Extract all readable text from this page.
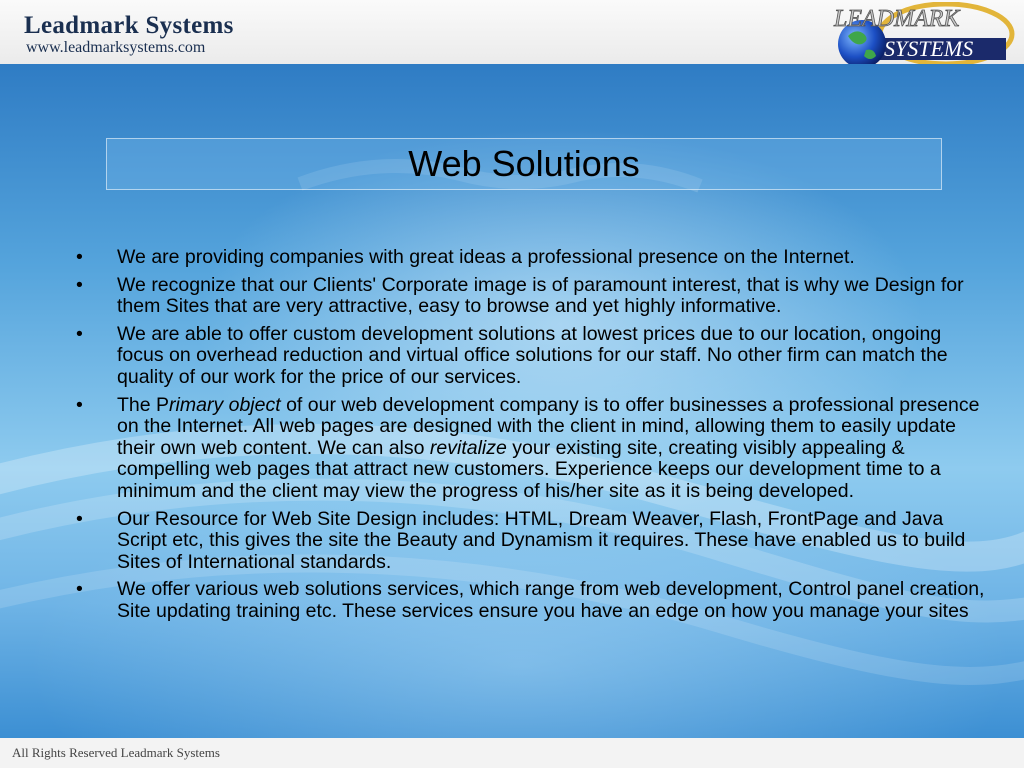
Leadmark Systems
www.leadmarksystems.com
LEADMARK
SYSTEMS
Web Solutions
•	We are providing companies with great ideas a professional presence on the Internet.
•	We recognize that our Clients' Corporate image is of paramount interest, that is why we Design for them Sites that are very attractive, easy to browse and yet highly informative.
•	We are able to offer custom development solutions at lowest prices due to our location, ongoing focus on overhead reduction and virtual office solutions for our staff. No other firm can match the quality of our work for the price of our services.
•	The Primary object of our web development company is to offer businesses a professional presence on the Internet. All web pages are designed with the client in mind, allowing them to easily update their own web content. We can also revitalize your existing site, creating visibly appealing & compelling web pages that attract new customers. Experience keeps our development time to a minimum and the client may view the progress of his/her site as it is being developed.
•	Our Resource for Web Site Design includes: HTML, Dream Weaver, Flash, FrontPage and Java Script etc, this gives the site the Beauty and Dynamism it requires. These have enabled us to build Sites of International standards.
•	We offer various web solutions services, which range from web development, Control panel creation, Site updating training etc. These services ensure you have an edge on how you manage your sites
All Rights Reserved Leadmark Systems
